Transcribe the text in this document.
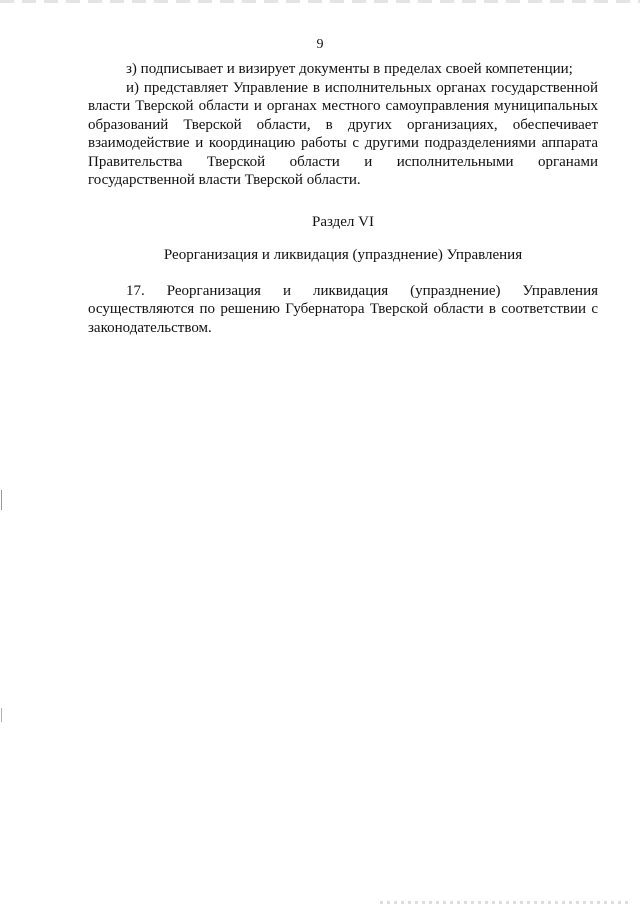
9

з) подписывает и визирует документы в пределах своей компетенции;

и) представляет Управление в исполнительных органах государственной власти Тверской области и органах местного самоуправления муниципальных образований Тверской области, в других организациях, обеспечивает взаимодействие и координацию работы с другими подразделениями аппарата Правительства Тверской области и исполнительными органами государственной власти Тверской области.

Раздел VI

Реорганизация и ликвидация (упразднение) Управления

17. Реорганизация и ликвидация (упразднение) Управления осуществляются по решению Губернатора Тверской области в соответствии с законодательством.
